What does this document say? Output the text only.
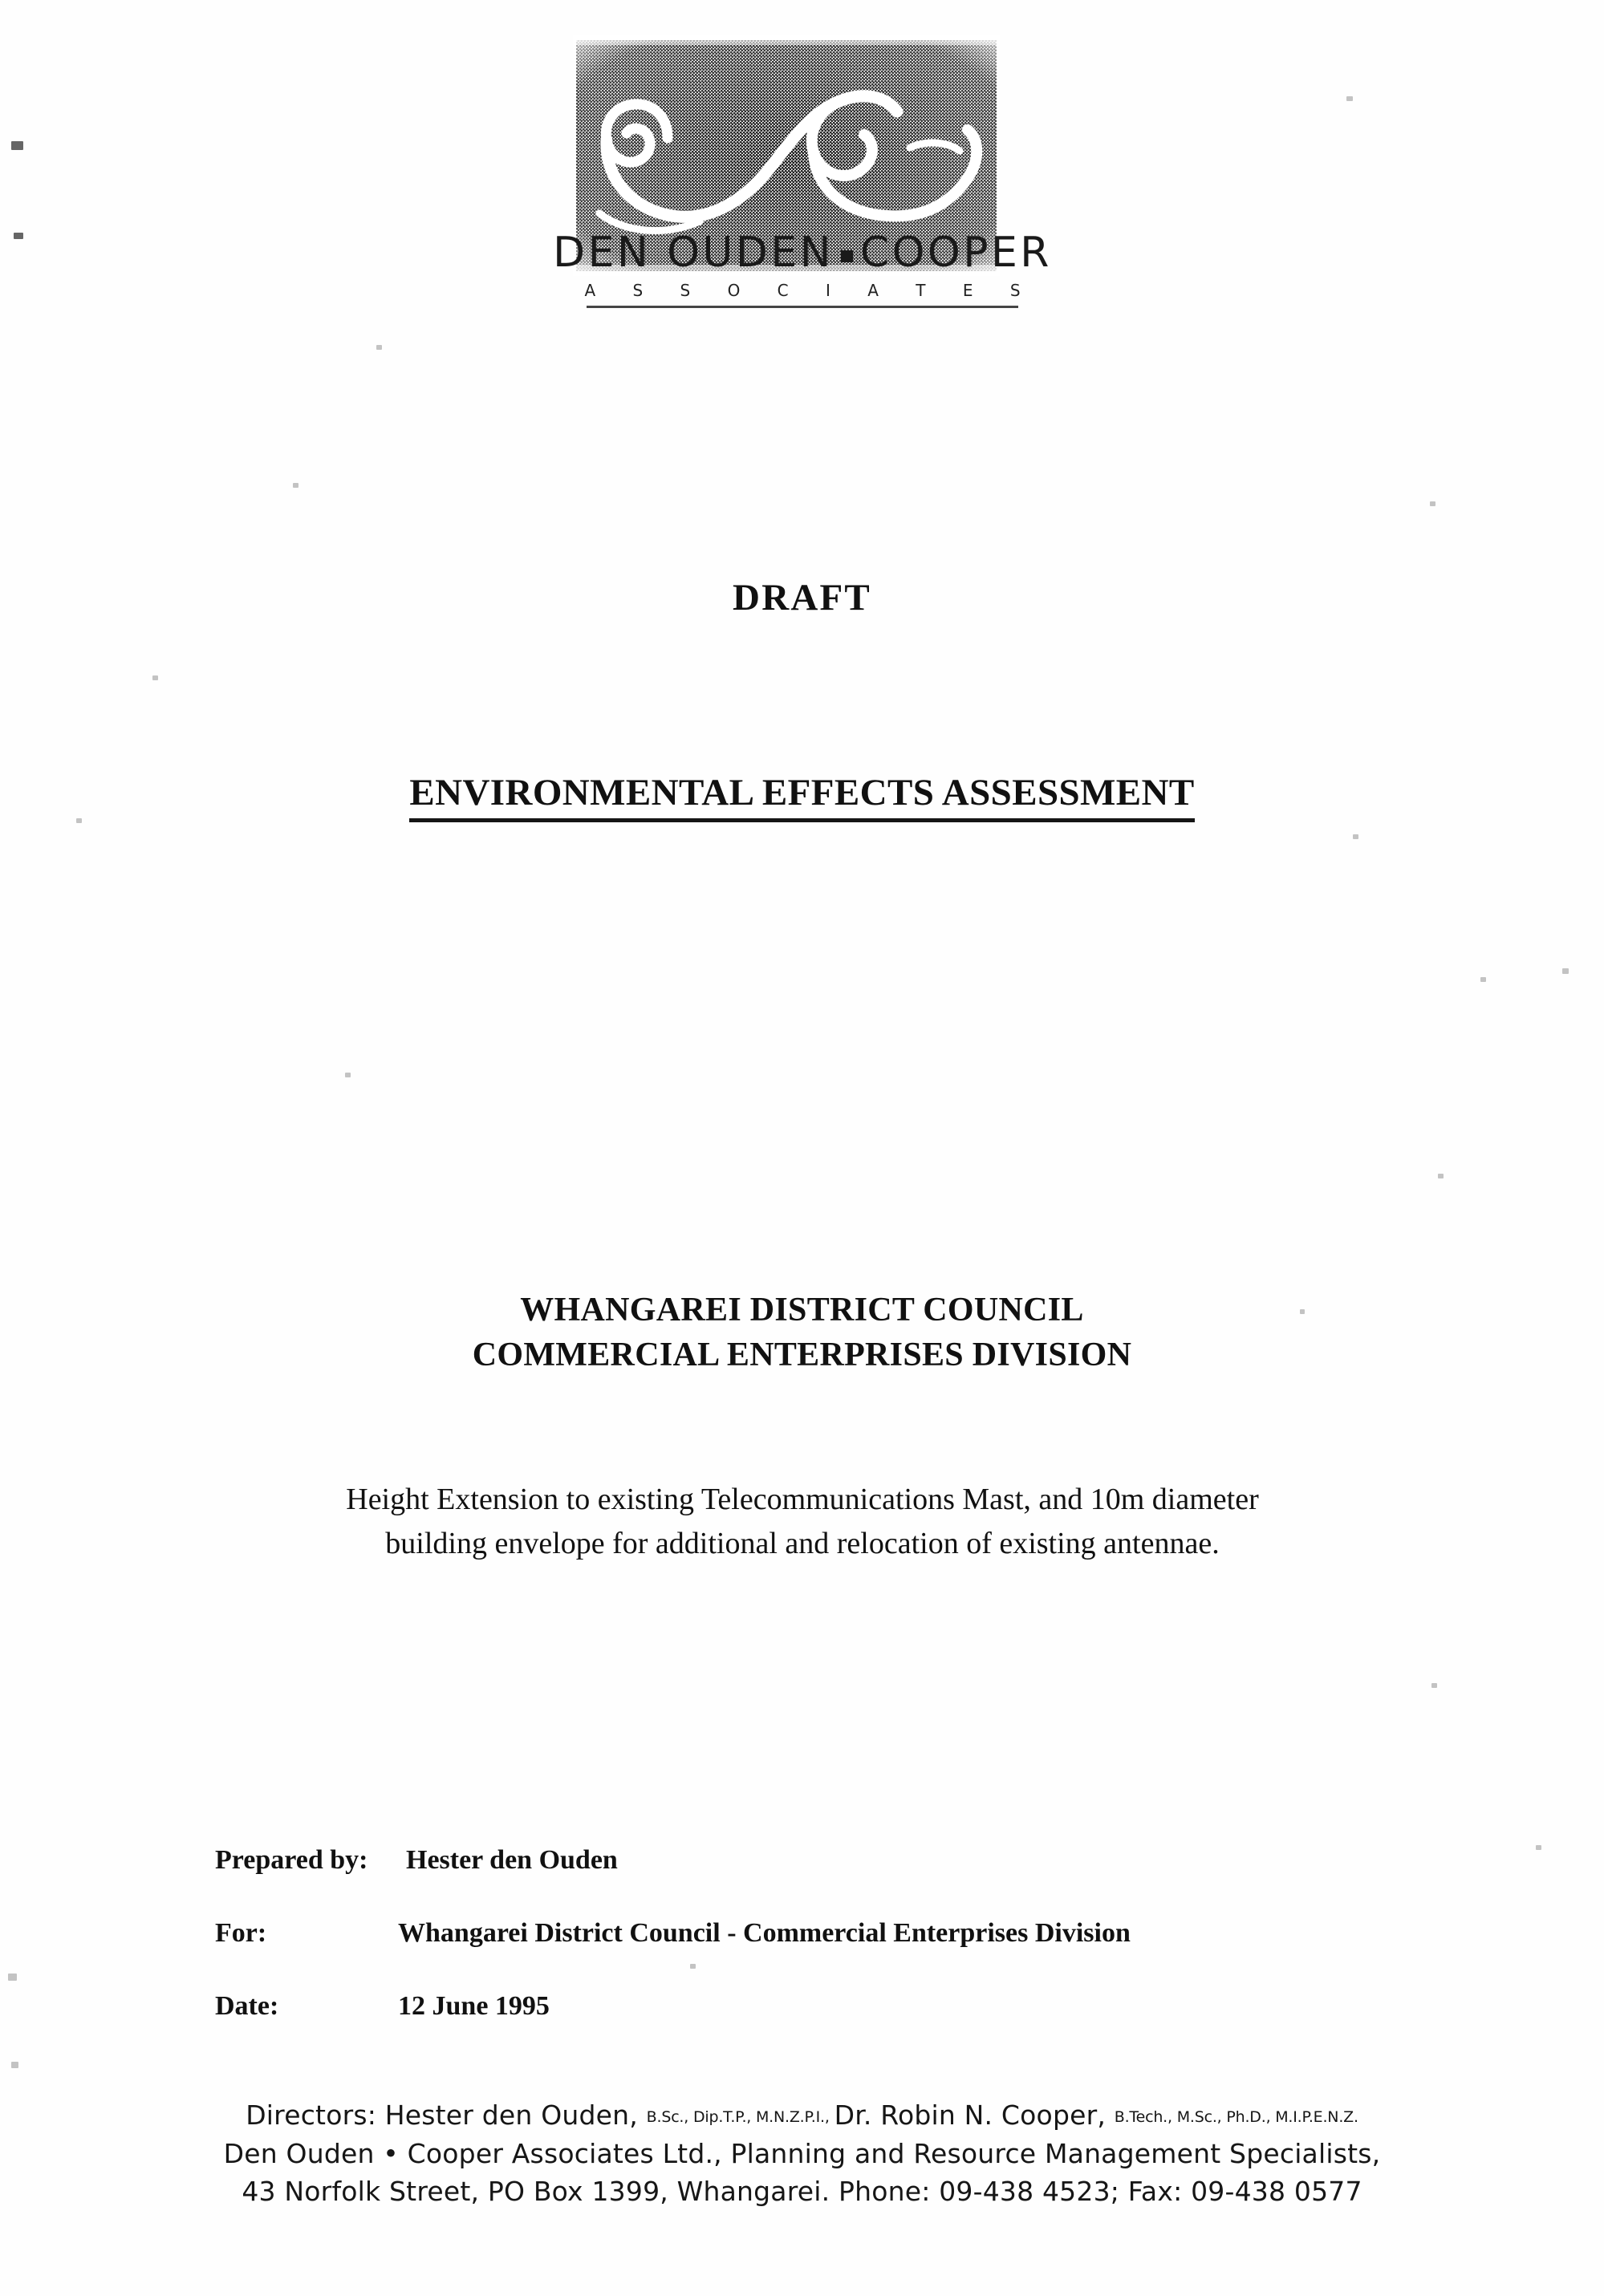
DEN OUDEN COOPER
A S S O C I A T E S
DRAFT
ENVIRONMENTAL EFFECTS ASSESSMENT
WHANGAREI DISTRICT COUNCIL
COMMERCIAL ENTERPRISES DIVISION
Height Extension to existing Telecommunications Mast, and 10m diameter
building envelope for additional and relocation of existing antennae.
Prepared by:	Hester den Ouden
For:	Whangarei District Council - Commercial Enterprises Division
Date:	12 June 1995
Directors: Hester den Ouden, B.Sc., Dip.T.P., M.N.Z.P.I., Dr. Robin N. Cooper, B.Tech., M.Sc., Ph.D., M.I.P.E.N.Z.
Den Ouden • Cooper Associates Ltd., Planning and Resource Management Specialists,
43 Norfolk Street, PO Box 1399, Whangarei. Phone: 09-438 4523; Fax: 09-438 0577
